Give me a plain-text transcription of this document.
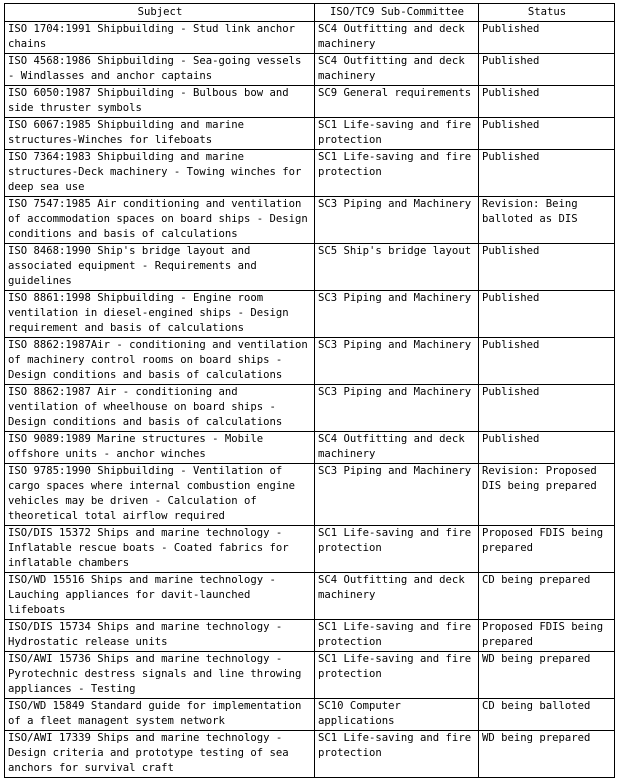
Subject	ISO/TC9 Sub-Committee	Status
ISO 1704:1991 Shipbuilding - Stud link anchor chains	SC4 Outfitting and deck machinery	Published
ISO 4568:1986 Shipbuilding - Sea-going vessels - Windlasses and anchor captains	SC4 Outfitting and deck machinery	Published
ISO 6050:1987 Shipbuilding - Bulbous bow and side thruster symbols	SC9 General requirements	Published
ISO 6067:1985 Shipbuilding and marine structures-Winches for lifeboats	SC1 Life-saving and fire protection	Published
ISO 7364:1983 Shipbuilding and marine structures-Deck machinery - Towing winches for deep sea use	SC1 Life-saving and fire protection	Published
ISO 7547:1985 Air conditioning and ventilation of accommodation spaces on board ships - Design conditions and basis of calculations	SC3 Piping and Machinery	Revision: Being balloted as DIS
ISO 8468:1990 Ship's bridge layout and associated equipment - Requirements and guidelines	SC5 Ship's bridge layout	Published
ISO 8861:1998 Shipbuilding - Engine room ventilation in diesel-engined ships - Design requirement and basis of calculations	SC3 Piping and Machinery	Published
ISO 8862:1987Air - conditioning and ventilation of machinery control rooms on board ships - Design conditions and basis of calculations	SC3 Piping and Machinery	Published
ISO 8862:1987 Air - conditioning and ventilation of wheelhouse on board ships - Design conditions and basis of calculations	SC3 Piping and Machinery	Published
ISO 9089:1989 Marine structures - Mobile offshore units - anchor winches	SC4 Outfitting and deck machinery	Published
ISO 9785:1990 Shipbuilding - Ventilation of cargo spaces where internal combustion engine vehicles may be driven - Calculation of theoretical total airflow required	SC3 Piping and Machinery	Revision: Proposed DIS being prepared
ISO/DIS 15372 Ships and marine technology - Inflatable rescue boats - Coated fabrics for inflatable chambers	SC1 Life-saving and fire protection	Proposed FDIS being prepared
ISO/WD 15516 Ships and marine technology - Lauching appliances for davit-launched lifeboats	SC4 Outfitting and deck machinery	CD being prepared
ISO/DIS 15734 Ships and marine technology - Hydrostatic release units	SC1 Life-saving and fire protection	Proposed FDIS being prepared
ISO/AWI 15736 Ships and marine technology - Pyrotechnic destress signals and line throwing appliances - Testing	SC1 Life-saving and fire protection	WD being prepared
ISO/WD 15849 Standard guide for implementation of a fleet managent system network	SC10 Computer applications	CD being balloted
ISO/AWI 17339 Ships and marine technology - Design criteria and prototype testing of sea anchors for survival craft	SC1 Life-saving and fire protection	WD being prepared
